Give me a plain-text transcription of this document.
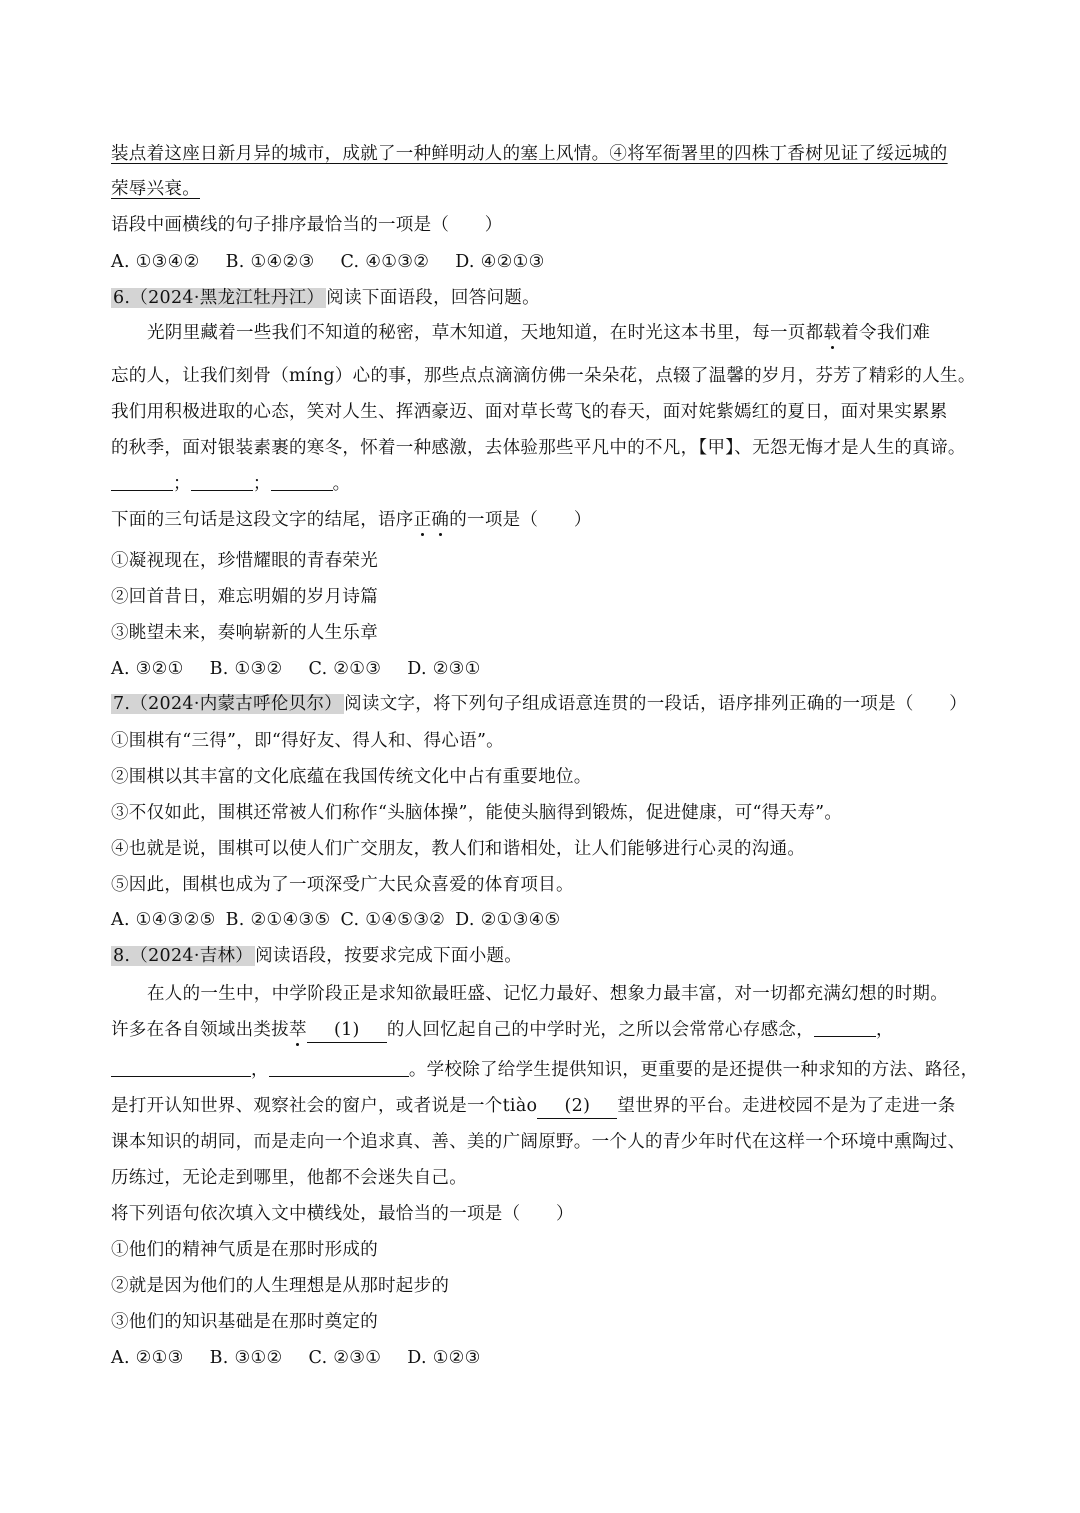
装点着这座日新月异的城市，成就了一种鲜明动人的塞上风情。④将军衙署里的四株丁香树见证了绥远城的

荣辱兴衰。

语段中画横线的句子排序最恰当的一项是（　　）

A. ①③④② B. ①④②③ C. ④①③② D. ④②①③

6.（2024·黑龙江牡丹江） 阅读下面语段，回答问题。

光阴里藏着一些我们不知道的秘密，草木知道，天地知道，在时光这本书里，每一页都载着令我们难

忘的人，让我们刻骨（míng）心的事，那些点点滴滴仿佛一朵朵花，点辍了温馨的岁月，芬芳了精彩的人生。

我们用积极进取的心态，笑对人生、挥洒豪迈、面对草长莺飞的春天，面对姹紫嫣红的夏日，面对果实累累

的秋季，面对银装素裹的寒冬，怀着一种感激，去体验那些平凡中的不凡，【甲】、无怨无悔才是人生的真谛。

；	；	。

下面的三句话是这段文字的结尾，语序正确的一项是（　　）

①凝视现在，珍惜耀眼的青春荣光

②回首昔日，难忘明媚的岁月诗篇

③眺望未来，奏响崭新的人生乐章

A. ③②① B. ①③② C. ②①③ D. ②③①

7.（2024·内蒙古呼伦贝尔） 阅读文字，将下列句子组成语意连贯的一段话，语序排列正确的一项是（　　）

①围棋有“三得”，即“得好友、得人和、得心语”。

②围棋以其丰富的文化底蕴在我国传统文化中占有重要地位。

③不仅如此，围棋还常被人们称作“头脑体操”，能使头脑得到锻炼，促进健康，可“得天寿”。

④也就是说，围棋可以使人们广交朋友，教人们和谐相处，让人们能够进行心灵的沟通。

⑤因此，围棋也成为了一项深受广大民众喜爱的体育项目。

A. ①④③②⑤ B. ②①④③⑤ C. ①④⑤③② D. ②①③④⑤

8.（2024·吉林） 阅读语段，按要求完成下面小题。

在人的一生中，中学阶段正是求知欲最旺盛、记忆力最好、想象力最丰富，对一切都充满幻想的时期。

许多在各自领域出类拔萃 (1) 的人回忆起自己的中学时光，之所以会常常心存感念，	，

，	。学校除了给学生提供知识，更重要的是还提供一种求知的方法、路径，

是打开认知世界、观察社会的窗户，或者说是一个tiào (2) 望世界的平台。走进校园不是为了走进一条

课本知识的胡同，而是走向一个追求真、善、美的广阔原野。一个人的青少年时代在这样一个环境中熏陶过、

历练过，无论走到哪里，他都不会迷失自己。

将下列语句依次填入文中横线处，最恰当的一项是（　　）

①他们的精神气质是在那时形成的

②就是因为他们的人生理想是从那时起步的

③他们的知识基础是在那时奠定的

A. ②①③ B. ③①② C. ②③① D. ①②③
